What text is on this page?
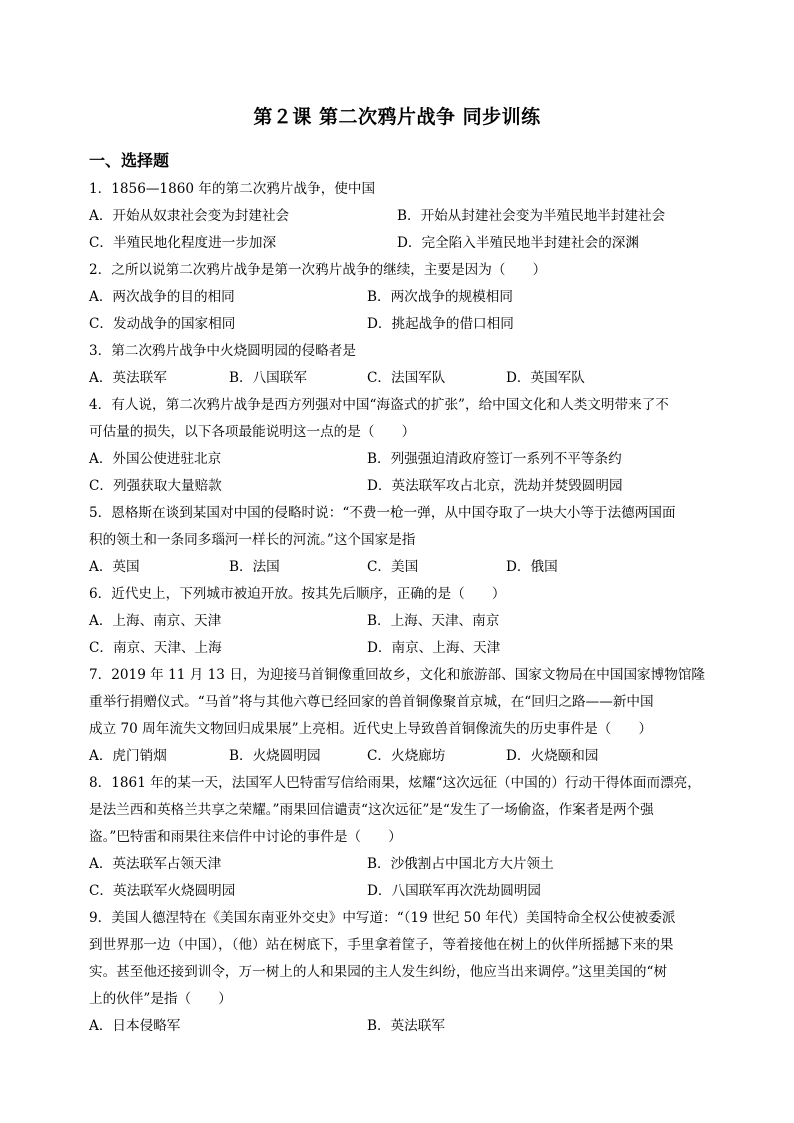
第２课 第二次鸦片战争 同步训练
一、选择题
1．1856—1860 年的第二次鸦片战争，使中国
A．开始从奴隶社会变为封建社会	B．开始从封建社会变为半殖民地半封建社会
C．半殖民地化程度进一步加深	D．完全陷入半殖民地半封建社会的深渊
2．之所以说第二次鸦片战争是第一次鸦片战争的继续，主要是因为（　　）
A．两次战争的目的相同	B．两次战争的规模相同
C．发动战争的国家相同	D．挑起战争的借口相同
3．第二次鸦片战争中火烧圆明园的侵略者是
A．英法联军	B．八国联军	C．法国军队	D．英国军队
4．有人说，第二次鸦片战争是西方列强对中国“海盗式的扩张”，给中国文化和人类文明带来了不
可估量的损失，以下各项最能说明这一点的是（　　）
A．外国公使进驻北京	B．列强强迫清政府签订一系列不平等条约
C．列强获取大量赔款	D．英法联军攻占北京，洗劫并焚毁圆明园
5．恩格斯在谈到某国对中国的侵略时说：“不费一枪一弹，从中国夺取了一块大小等于法德两国面
积的领土和一条同多瑙河一样长的河流。”这个国家是指
A．英国	B．法国	C．美国	D．俄国
6．近代史上，下列城市被迫开放。按其先后顺序，正确的是（　　）
A．上海、南京、天津	B．上海、天津、南京
C．南京、天津、上海	D．南京、上海、天津
7．2019 年 11 月 13 日，为迎接马首铜像重回故乡，文化和旅游部、国家文物局在中国国家博物馆隆
重举行捐赠仪式。“马首”将与其他六尊已经回家的兽首铜像聚首京城，在“回归之路——新中国
成立 70 周年流失文物回归成果展”上亮相。近代史上导致兽首铜像流失的历史事件是（　　）
A．虎门销烟	B．火烧圆明园	C．火烧廊坊	D．火烧颐和园
8．1861 年的某一天，法国军人巴特雷写信给雨果，炫耀“这次远征（中国的）行动干得体面而漂亮，
是法兰西和英格兰共享之荣耀。”雨果回信谴责“这次远征”是“发生了一场偷盗，作案者是两个强
盗。”巴特雷和雨果往来信件中讨论的事件是（　　）
A．英法联军占领天津	B．沙俄割占中国北方大片领土
C．英法联军火烧圆明园	D．八国联军再次洗劫圆明园
9．美国人德涅特在《美国东南亚外交史》中写道：“（19 世纪 50 年代）美国特命全权公使被委派
到世界那一边（中国），（他）站在树底下，手里拿着筐子，等着接他在树上的伙伴所摇撼下来的果
实。甚至他还接到训令，万一树上的人和果园的主人发生纠纷，他应当出来调停。”这里美国的“树
上的伙伴”是指（　　）
A．日本侵略军	B．英法联军
